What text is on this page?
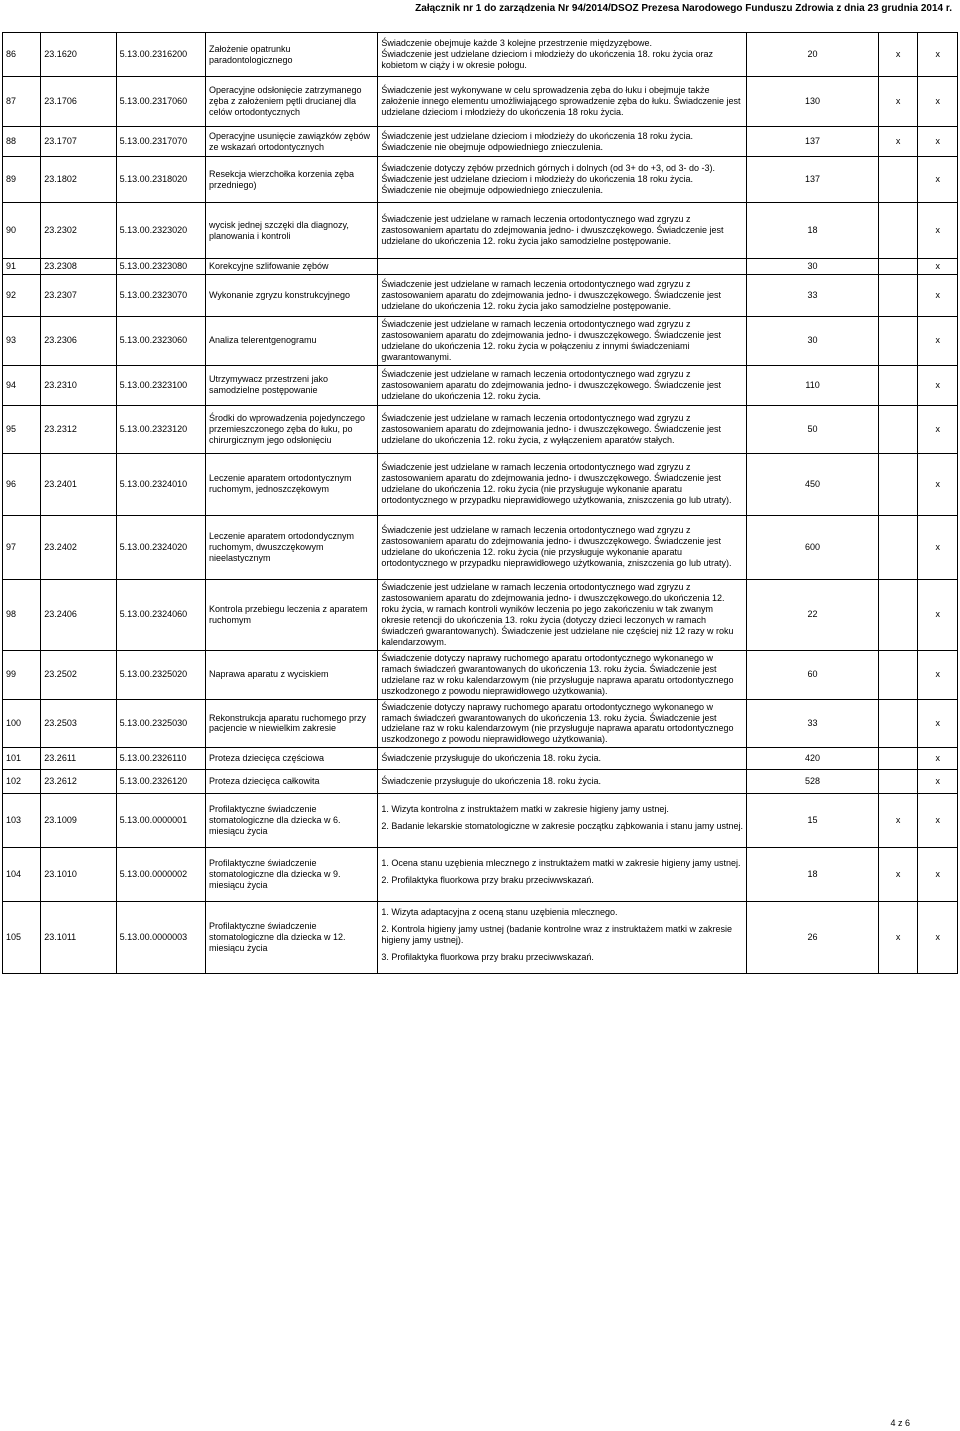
Załącznik nr 1 do zarządzenia Nr 94/2014/DSOZ Prezesa Narodowego Funduszu Zdrowia z dnia 23 grudnia 2014 r.
86	23.1620	5.13.00.2316200	Założenie opatrunku paradontologicznego	Świadczenie obejmuje każde 3 kolejne przestrzenie międzyzębowe.
Świadczenie jest udzielane dzieciom i młodzieży do ukończenia 18. roku życia oraz kobietom w ciąży i w okresie połogu.	20	x	x
87	23.1706	5.13.00.2317060	Operacyjne odsłonięcie zatrzymanego zęba z założeniem pętli drucianej dla celów ortodontycznych	Świadczenie jest wykonywane w celu sprowadzenia zęba do łuku i obejmuje także założenie innego elementu umożliwiającego sprowadzenie zęba do łuku. Świadczenie jest udzielane dzieciom i młodzieży do ukończenia 18 roku życia.	130	x	x
88	23.1707	5.13.00.2317070	Operacyjne usunięcie zawiązków zębów ze wskazań ortodontycznych	Świadczenie jest udzielane dzieciom i młodzieży do ukończenia 18 roku życia. Świadczenie nie obejmuje odpowiedniego znieczulenia.	137	x	x
89	23.1802	5.13.00.2318020	Resekcja wierzchołka korzenia zęba przedniego)	Świadczenie dotyczy zębów przednich górnych i dolnych (od 3+ do +3, od 3- do -3). Świadczenie jest udzielane dzieciom i młodzieży do ukończenia 18 roku życia. Świadczenie nie obejmuje odpowiedniego znieczulenia.	137		x
90	23.2302	5.13.00.2323020	wycisk jednej szczęki dla diagnozy, planowania i kontroli	Świadczenie jest udzielane w ramach leczenia ortodontycznego wad zgryzu z zastosowaniem apartatu do zdejmowania jedno- i dwuszczękowego. Świadczenie jest udzielane do ukończenia 12. roku życia jako samodzielne postępowanie.	18		x
91	23.2308	5.13.00.2323080	Korekcyjne szlifowanie zębów		30		x
92	23.2307	5.13.00.2323070	Wykonanie zgryzu konstrukcyjnego	Świadczenie jest udzielane w ramach leczenia ortodontycznego wad zgryzu z zastosowaniem aparatu do zdejmowania jedno- i dwuszczękowego. Świadczenie jest udzielane do ukończenia 12. roku życia jako samodzielne postępowanie.	33		x
93	23.2306	5.13.00.2323060	Analiza telerentgenogramu	Świadczenie jest udzielane w ramach leczenia ortodontycznego wad zgryzu z zastosowaniem aparatu do zdejmowania jedno- i dwuszczękowego. Świadczenie jest udzielane do ukończenia 12. roku życia w połączeniu z innymi świadczeniami gwarantowanymi.	30		x
94	23.2310	5.13.00.2323100	Utrzymywacz przestrzeni jako samodzielne postępowanie	Świadczenie jest udzielane w ramach leczenia ortodontycznego wad zgryzu z zastosowaniem aparatu do zdejmowania jedno- i dwuszczękowego. Świadczenie jest udzielane do ukończenia 12. roku życia.	110		x
95	23.2312	5.13.00.2323120	Środki do wprowadzenia pojedynczego przemieszczonego zęba do łuku, po chirurgicznym jego odsłonięciu	Świadczenie jest udzielane w ramach leczenia ortodontycznego wad zgryzu z zastosowaniem aparatu do zdejmowania jedno- i dwuszczękowego. Świadczenie jest udzielane do ukończenia 12. roku życia, z wyłączeniem aparatów stałych.	50		x
96	23.2401	5.13.00.2324010	Leczenie aparatem ortodontycznym ruchomym, jednoszczękowym	Świadczenie jest udzielane w ramach leczenia ortodontycznego wad zgryzu z zastosowaniem aparatu do zdejmowania jedno- i dwuszczękowego. Świadczenie jest udzielane do ukończenia 12. roku życia (nie przysługuje wykonanie aparatu ortodontycznego w przypadku nieprawidłowego użytkowania, zniszczenia go lub utraty).	450		x
97	23.2402	5.13.00.2324020	Leczenie aparatem ortodondycznym ruchomym, dwuszczękowym nieelastycznym	Świadczenie jest udzielane w ramach leczenia ortodontycznego wad zgryzu z zastosowaniem aparatu do zdejmowania jedno- i dwuszczękowego. Świadczenie jest udzielane do ukończenia 12. roku życia (nie przysługuje wykonanie aparatu ortodontycznego w przypadku nieprawidłowego użytkowania, zniszczenia go lub utraty).	600		x
98	23.2406	5.13.00.2324060	Kontrola przebiegu leczenia z aparatem ruchomym	Świadczenie jest udzielane w ramach leczenia ortodontycznego wad zgryzu z zastosowaniem aparatu do zdejmowania jedno- i dwuszczękowego.do ukończenia 12. roku życia, w ramach kontroli wyników leczenia po jego zakończeniu w tak zwanym okresie retencji do ukończenia 13. roku życia (dotyczy dzieci leczonych w ramach świadczeń gwarantowanych). Świadczenie jest udzielane nie częściej niż 12 razy w roku kalendarzowym.	22		x
99	23.2502	5.13.00.2325020	Naprawa aparatu z wyciskiem	Świadczenie dotyczy naprawy ruchomego aparatu ortodontycznego wykonanego w ramach świadczeń gwarantowanych do ukończenia 13. roku życia. Świadczenie jest udzielane raz w roku kalendarzowym (nie przysługuje naprawa aparatu ortodontycznego uszkodzonego z powodu nieprawidłowego użytkowania).	60		x
100	23.2503	5.13.00.2325030	Rekonstrukcja aparatu ruchomego przy pacjencie w niewielkim zakresie	Świadczenie dotyczy naprawy ruchomego aparatu ortodontycznego wykonanego w ramach świadczeń gwarantowanych do ukończenia 13. roku życia. Świadczenie jest udzielane raz w roku kalendarzowym (nie przysługuje naprawa aparatu ortodontycznego uszkodzonego z powodu nieprawidłowego użytkowania).	33		x
101	23.2611	5.13.00.2326110	Proteza dziecięca częściowa	Świadczenie przysługuje do ukończenia 18. roku życia.	420		x
102	23.2612	5.13.00.2326120	Proteza dziecięca całkowita	Świadczenie przysługuje do ukończenia 18. roku życia.	528		x
103	23.1009	5.13.00.0000001	Profilaktyczne świadczenie stomatologiczne dla dziecka w 6. miesiącu życia	1. Wizyta kontrolna z instruktażem matki w zakresie higieny jamy ustnej.
2. Badanie lekarskie stomatologiczne w zakresie początku ząbkowania i stanu jamy ustnej.	15	x	x
104	23.1010	5.13.00.0000002	Profilaktyczne świadczenie stomatologiczne dla dziecka w 9. miesiącu życia	1. Ocena stanu uzębienia mlecznego z instruktażem matki w zakresie higieny jamy ustnej.
2. Profilaktyka fluorkowa przy braku przeciwwskazań.	18	x	x
105	23.1011	5.13.00.0000003	Profilaktyczne świadczenie stomatologiczne dla dziecka w 12. miesiącu życia	1. Wizyta adaptacyjna z oceną stanu uzębienia mlecznego.
2. Kontrola higieny jamy ustnej (badanie kontrolne wraz z instruktażem matki w zakresie higieny jamy ustnej).
3. Profilaktyka fluorkowa przy braku przeciwwskazań.	26	x	x
4 z 6
